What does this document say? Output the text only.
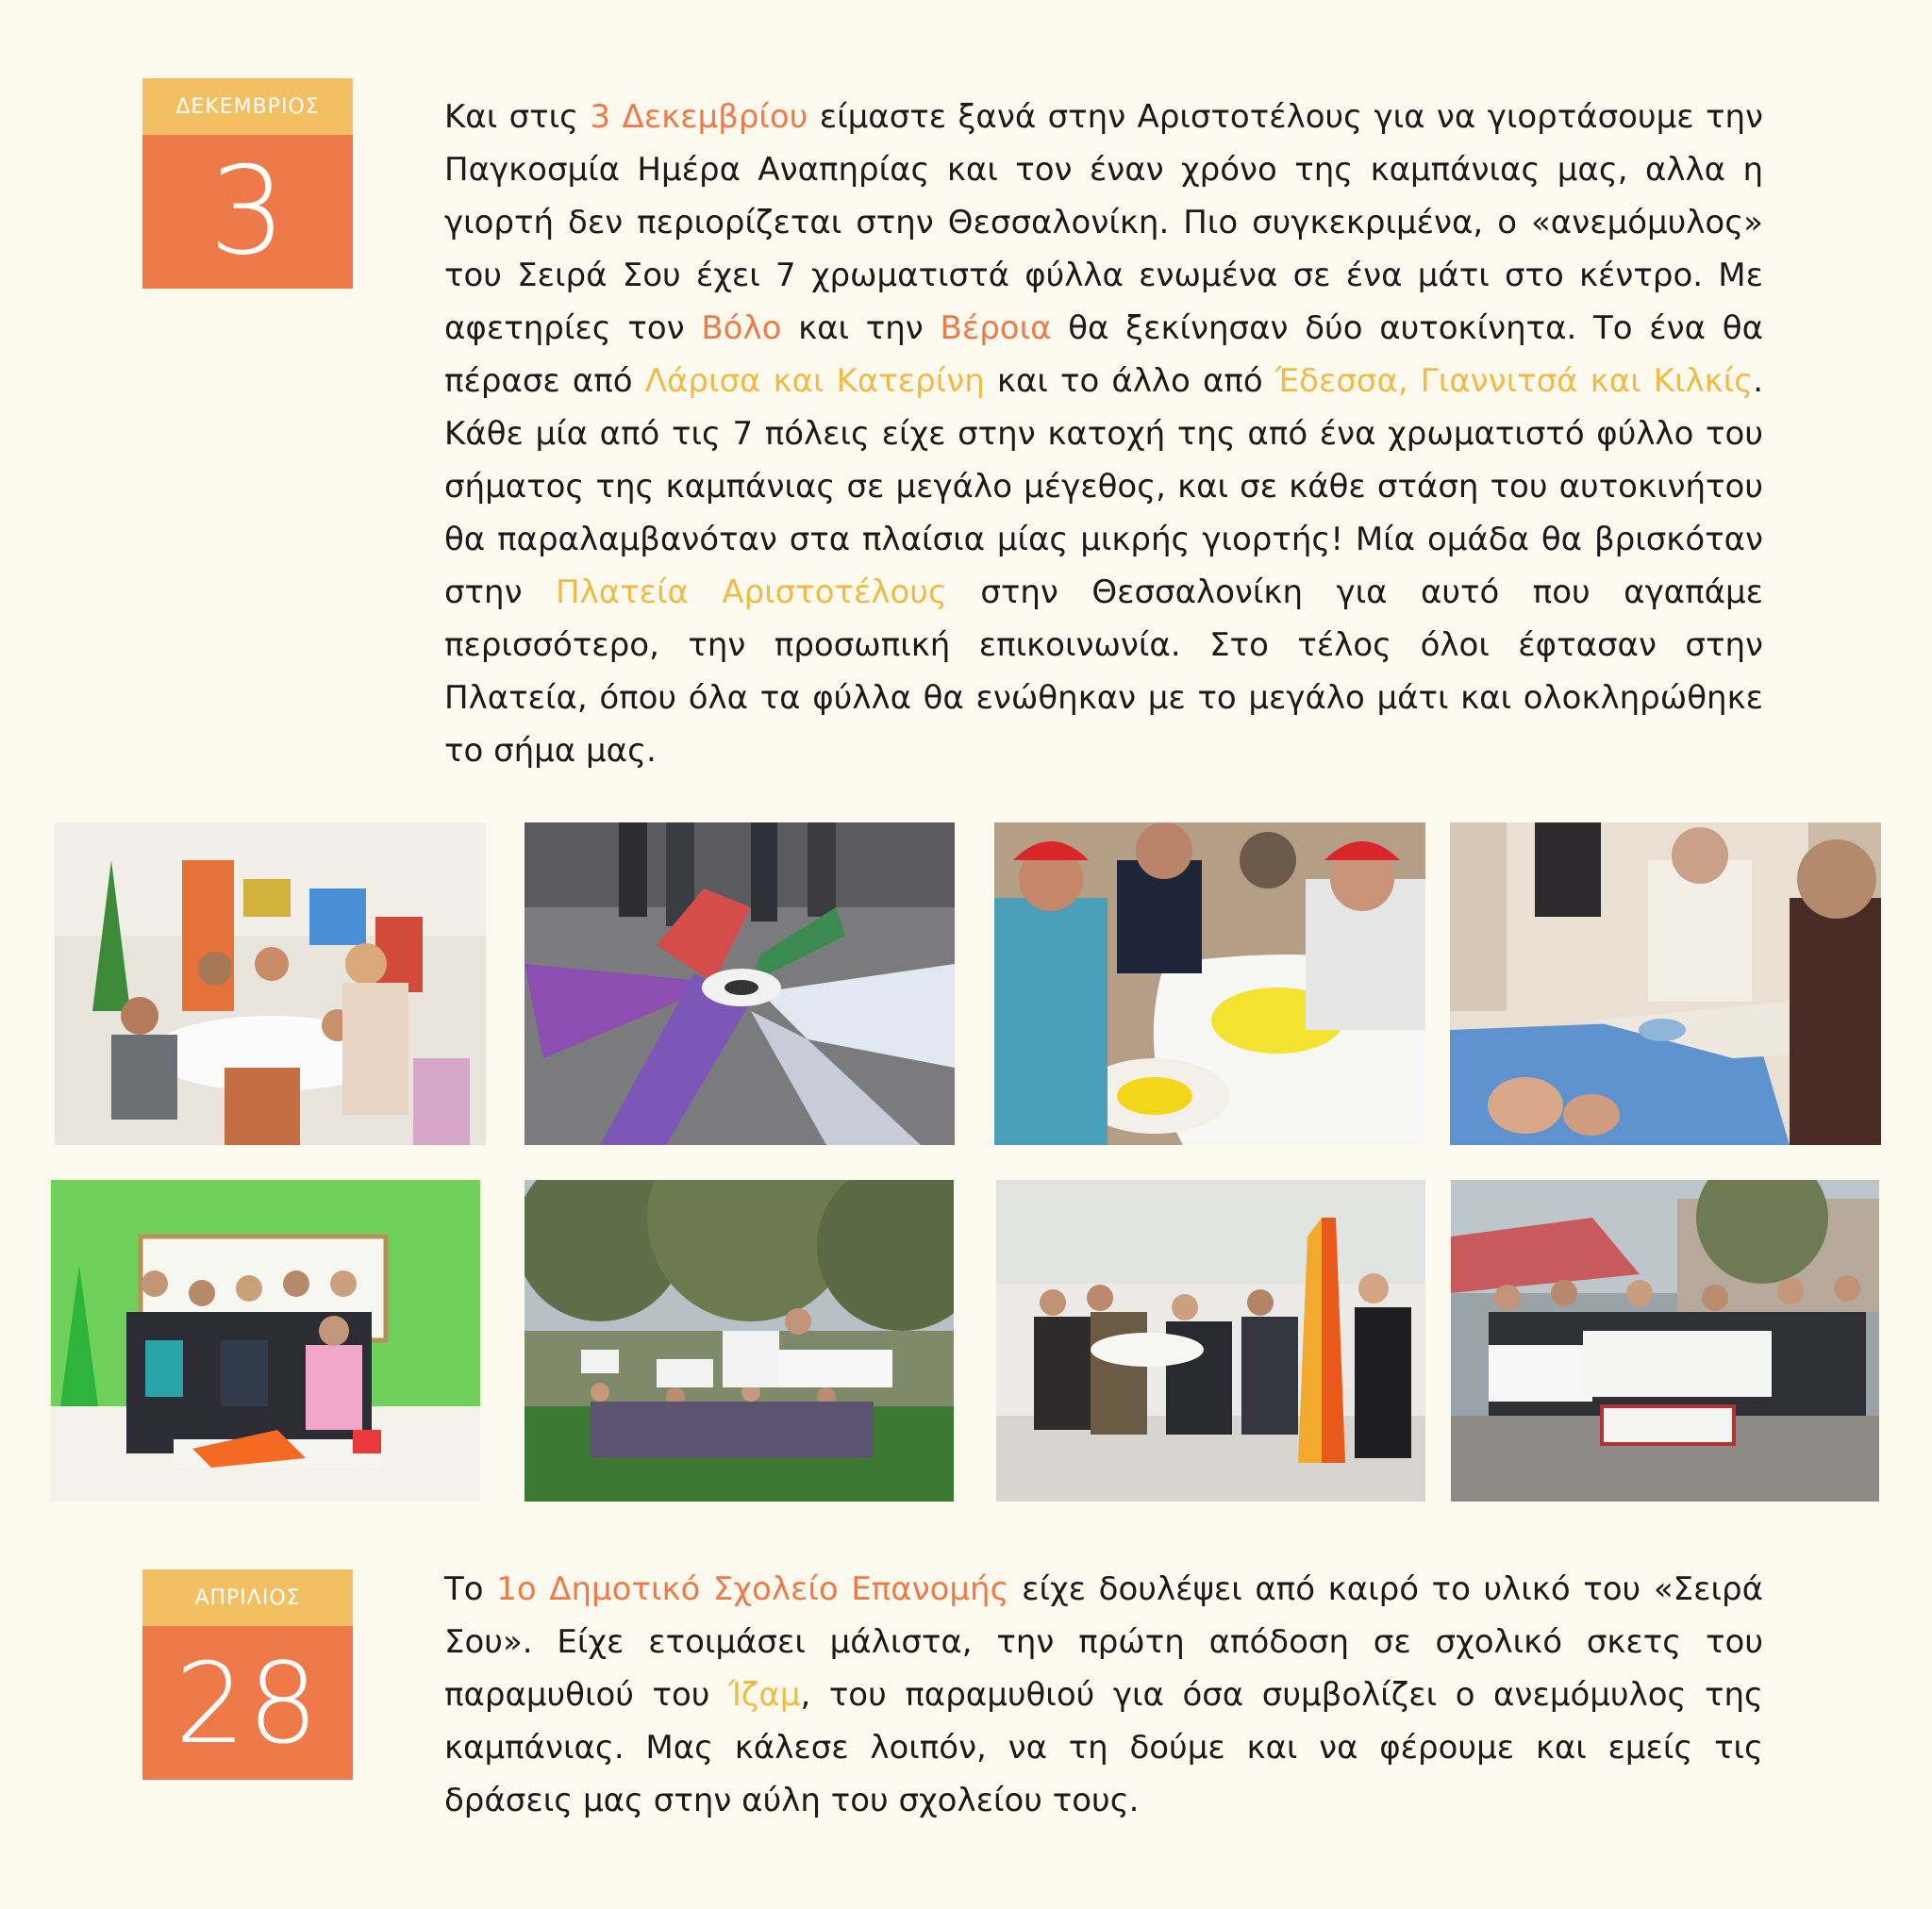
ΔΕΚΕΜΒΡΙΟΣ
3
Και στις 3 Δεκεμβρίου είμαστε ξανά στην Αριστοτέλους για να γιορτάσουμε την Παγκοσμία Ημέρα Αναπηρίας και τον έναν χρόνο της καμπάνιας μας, αλλα η γιορτή δεν περιορίζεται στην Θεσσαλονίκη. Πιο συγκεκριμένα, ο «ανεμόμυλος» του Σειρά Σου έχει 7 χρωματιστά φύλλα ενωμένα σε ένα μάτι στο κέντρο. Με αφετηρίες τον Βόλο και την Βέροια θα ξεκίνησαν δύο αυτοκίνητα. Το ένα θα πέρασε από Λάρισα και Κατερίνη και το άλλο από Έδεσσα, Γιαννιτσά και Κιλκίς. Κάθε μία από τις 7 πόλεις είχε στην κατοχή της από ένα χρωματιστό φύλλο του σήματος της καμπάνιας σε μεγάλο μέγεθος, και σε κάθε στάση του αυτοκινήτου θα παραλαμβανόταν στα πλαίσια μίας μικρής γιορτής! Μία ομάδα θα βρισκόταν στην Πλατεία Αριστοτέλους στην Θεσσαλονίκη για αυτό που αγαπάμε περισσότερο, την προσωπική επικοινωνία. Στο τέλος όλοι έφτασαν στην Πλατεία, όπου όλα τα φύλλα θα ενώθηκαν με το μεγάλο μάτι και ολοκληρώθηκε το σήμα μας.
ΑΠΡΙΛΙΟΣ
28
Το 1ο Δημοτικό Σχολείο Επανομής είχε δουλέψει από καιρό το υλικό του «Σειρά Σου». Είχε ετοιμάσει μάλιστα, την πρώτη απόδοση σε σχολικό σκετς του παραμυθιού του Ίζαμ, του παραμυθιού για όσα συμβολίζει ο ανεμόμυλος της καμπάνιας. Μας κάλεσε λοιπόν, να τη δούμε και να φέρουμε και εμείς τις δράσεις μας στην αύλη του σχολείου τους.
